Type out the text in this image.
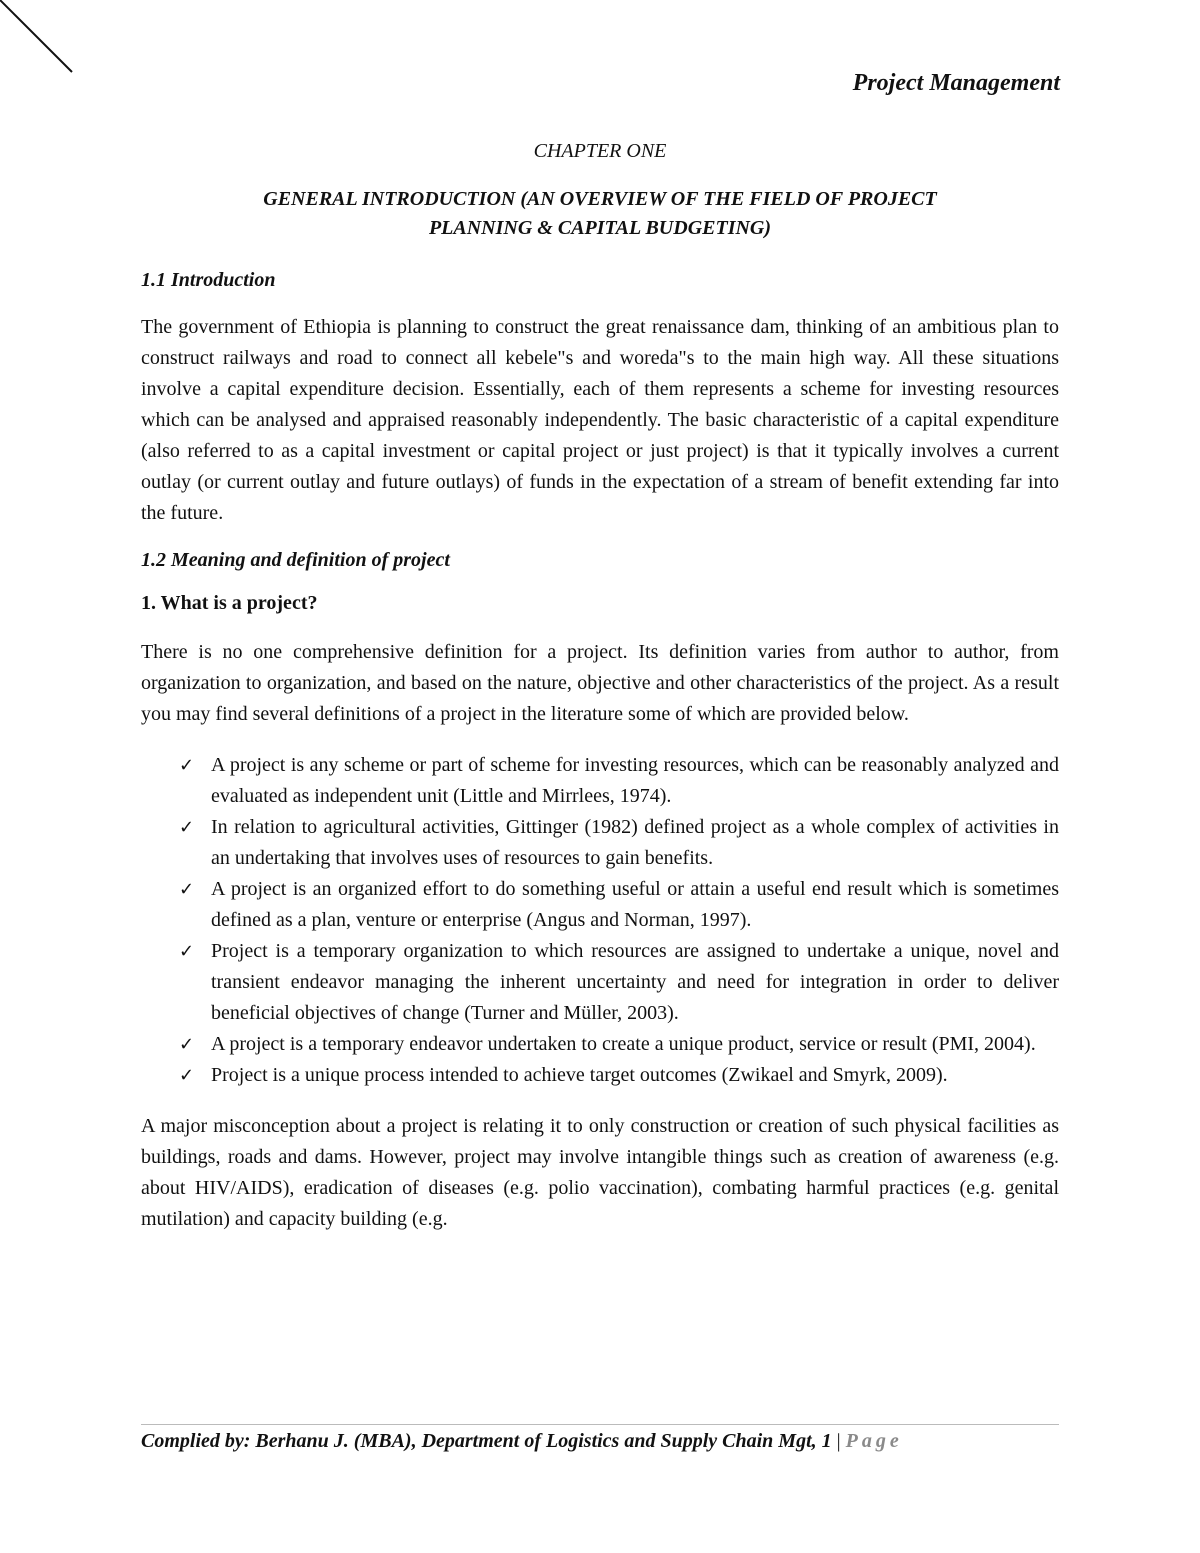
Project Management

CHAPTER ONE

GENERAL INTRODUCTION (AN OVERVIEW OF THE FIELD OF PROJECT
PLANNING & CAPITAL BUDGETING)

1.1 Introduction

The government of Ethiopia is planning to construct the great renaissance dam, thinking of an ambitious plan to construct railways and road to connect all kebele"s and woreda"s to the main high way. All these situations involve a capital expenditure decision. Essentially, each of them represents a scheme for investing resources which can be analysed and appraised reasonably independently. The basic characteristic of a capital expenditure (also referred to as a capital investment or capital project or just project) is that it typically involves a current outlay (or current outlay and future outlays) of funds in the expectation of a stream of benefit extending far into the future.

1.2 Meaning and definition of project

1. What is a project?

There is no one comprehensive definition for a project. Its definition varies from author to author, from organization to organization, and based on the nature, objective and other characteristics of the project. As a result you may find several definitions of a project in the literature some of which are provided below.

✓ A project is any scheme or part of scheme for investing resources, which can be reasonably analyzed and evaluated as independent unit (Little and Mirrlees, 1974).
✓ In relation to agricultural activities, Gittinger (1982) defined project as a whole complex of activities in an undertaking that involves uses of resources to gain benefits.
✓ A project is an organized effort to do something useful or attain a useful end result which is sometimes defined as a plan, venture or enterprise (Angus and Norman, 1997).
✓ Project is a temporary organization to which resources are assigned to undertake a unique, novel and transient endeavor managing the inherent uncertainty and need for integration in order to deliver beneficial objectives of change (Turner and Müller, 2003).
✓ A project is a temporary endeavor undertaken to create a unique product, service or result (PMI, 2004).
✓ Project is a unique process intended to achieve target outcomes (Zwikael and Smyrk, 2009).

A major misconception about a project is relating it to only construction or creation of such physical facilities as buildings, roads and dams. However, project may involve intangible things such as creation of awareness (e.g. about HIV/AIDS), eradication of diseases (e.g. polio vaccination), combating harmful practices (e.g. genital mutilation) and capacity building (e.g.

Complied by: Berhanu J. (MBA), Department of Logistics and Supply Chain Mgt, 1 | Page
